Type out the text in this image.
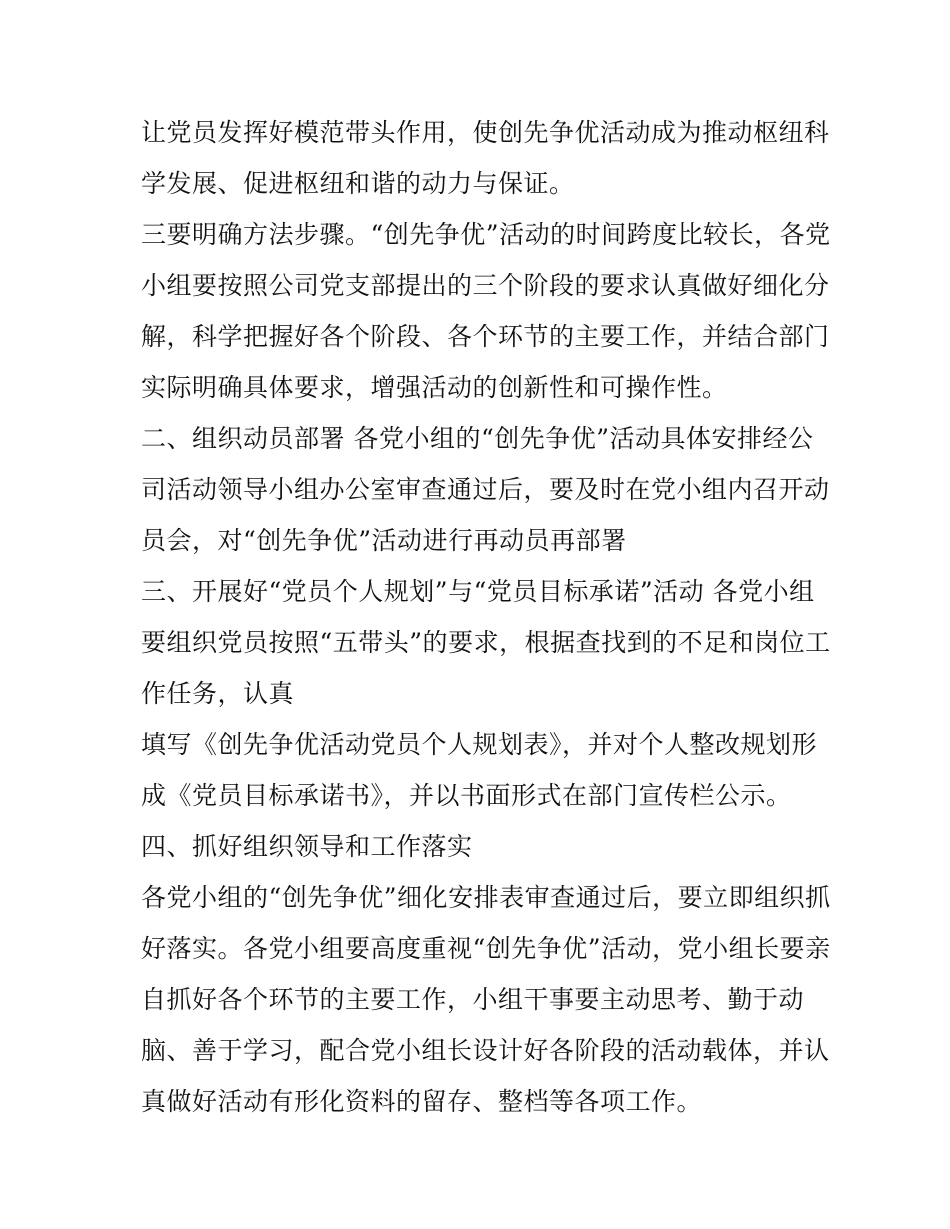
让党员发挥好模范带头作用，使创先争优活动成为推动枢纽科
学发展、促进枢纽和谐的动力与保证。
三要明确方法步骤。“创先争优”活动的时间跨度比较长，各党
小组要按照公司党支部提出的三个阶段的要求认真做好细化分
解，科学把握好各个阶段、各个环节的主要工作，并结合部门
实际明确具体要求，增强活动的创新性和可操作性。
二、组织动员部署 各党小组的“创先争优”活动具体安排经公
司活动领导小组办公室审查通过后，要及时在党小组内召开动
员会，对“创先争优”活动进行再动员再部署
三、开展好“党员个人规划”与“党员目标承诺”活动 各党小组
要组织党员按照“五带头”的要求，根据查找到的不足和岗位工
作任务，认真
填写《创先争优活动党员个人规划表》，并对个人整改规划形
成《党员目标承诺书》，并以书面形式在部门宣传栏公示。
四、抓好组织领导和工作落实
各党小组的“创先争优”细化安排表审查通过后，要立即组织抓
好落实。各党小组要高度重视“创先争优”活动，党小组长要亲
自抓好各个环节的主要工作，小组干事要主动思考、勤于动
脑、善于学习，配合党小组长设计好各阶段的活动载体，并认
真做好活动有形化资料的留存、整档等各项工作。
